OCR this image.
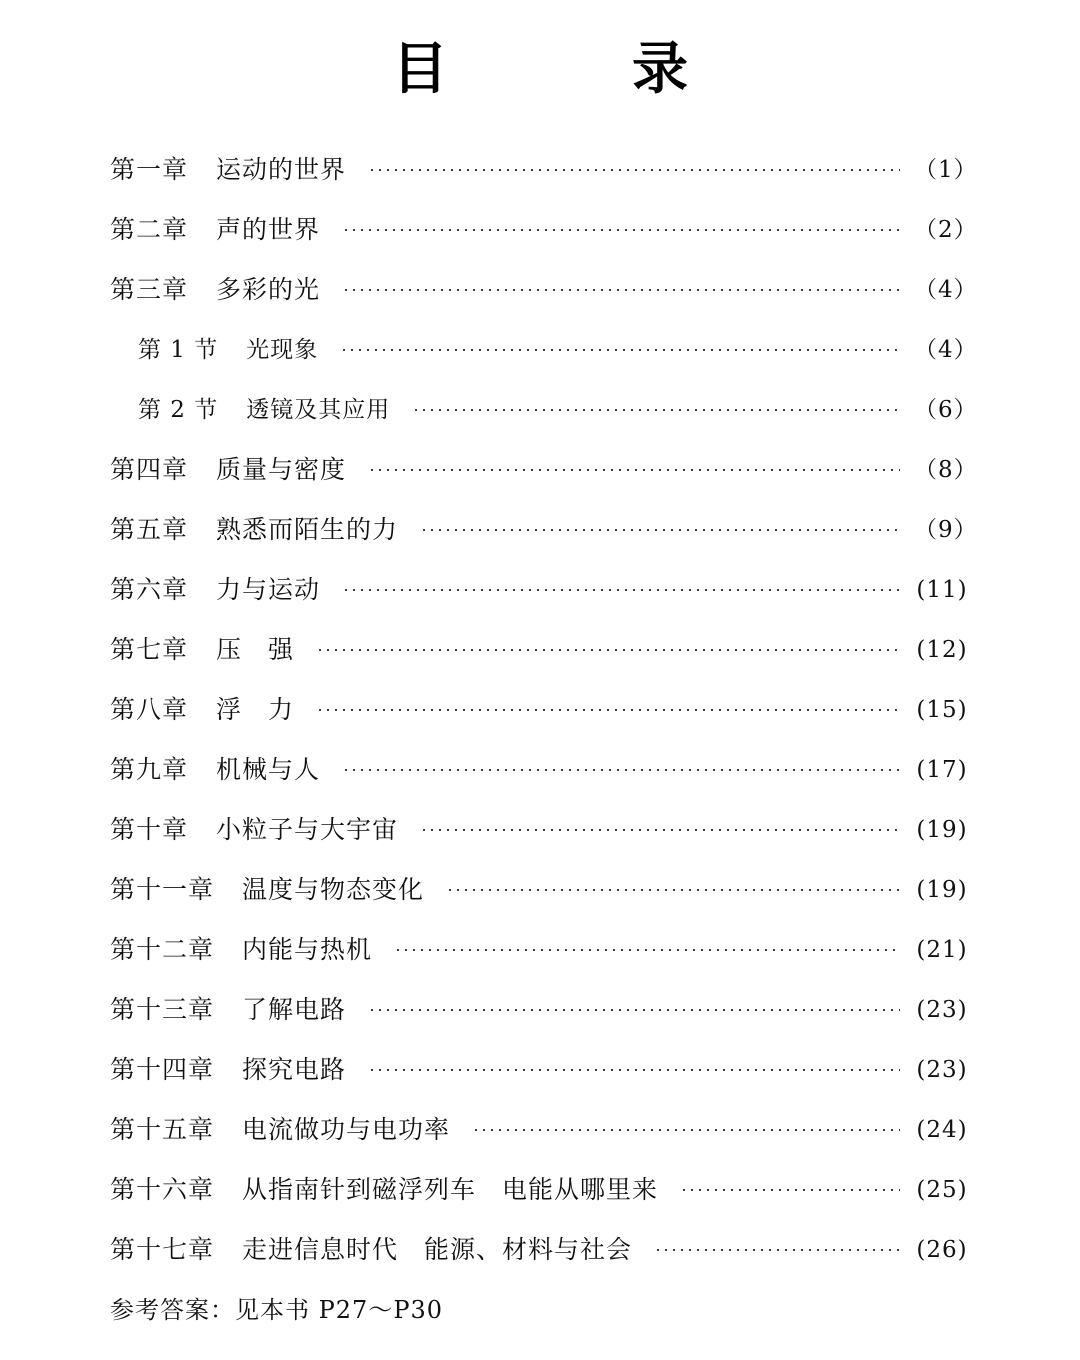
目　录
第一章 运动的世界	（1）
第二章 声的世界	（2）
第三章 多彩的光	（4）
第 1 节 光现象	（4）
第 2 节 透镜及其应用	（6）
第四章 质量与密度	（8）
第五章 熟悉而陌生的力	（9）
第六章 力与运动	(11)
第七章 压　强	(12)
第八章 浮　力	(15)
第九章 机械与人	(17)
第十章 小粒子与大宇宙	(19)
第十一章 温度与物态变化	(19)
第十二章 内能与热机	(21)
第十三章 了解电路	(23)
第十四章 探究电路	(23)
第十五章 电流做功与电功率	(24)
第十六章 从指南针到磁浮列车　电能从哪里来	(25)
第十七章 走进信息时代　能源、材料与社会	(26)
参考答案：见本书 P27～P30
